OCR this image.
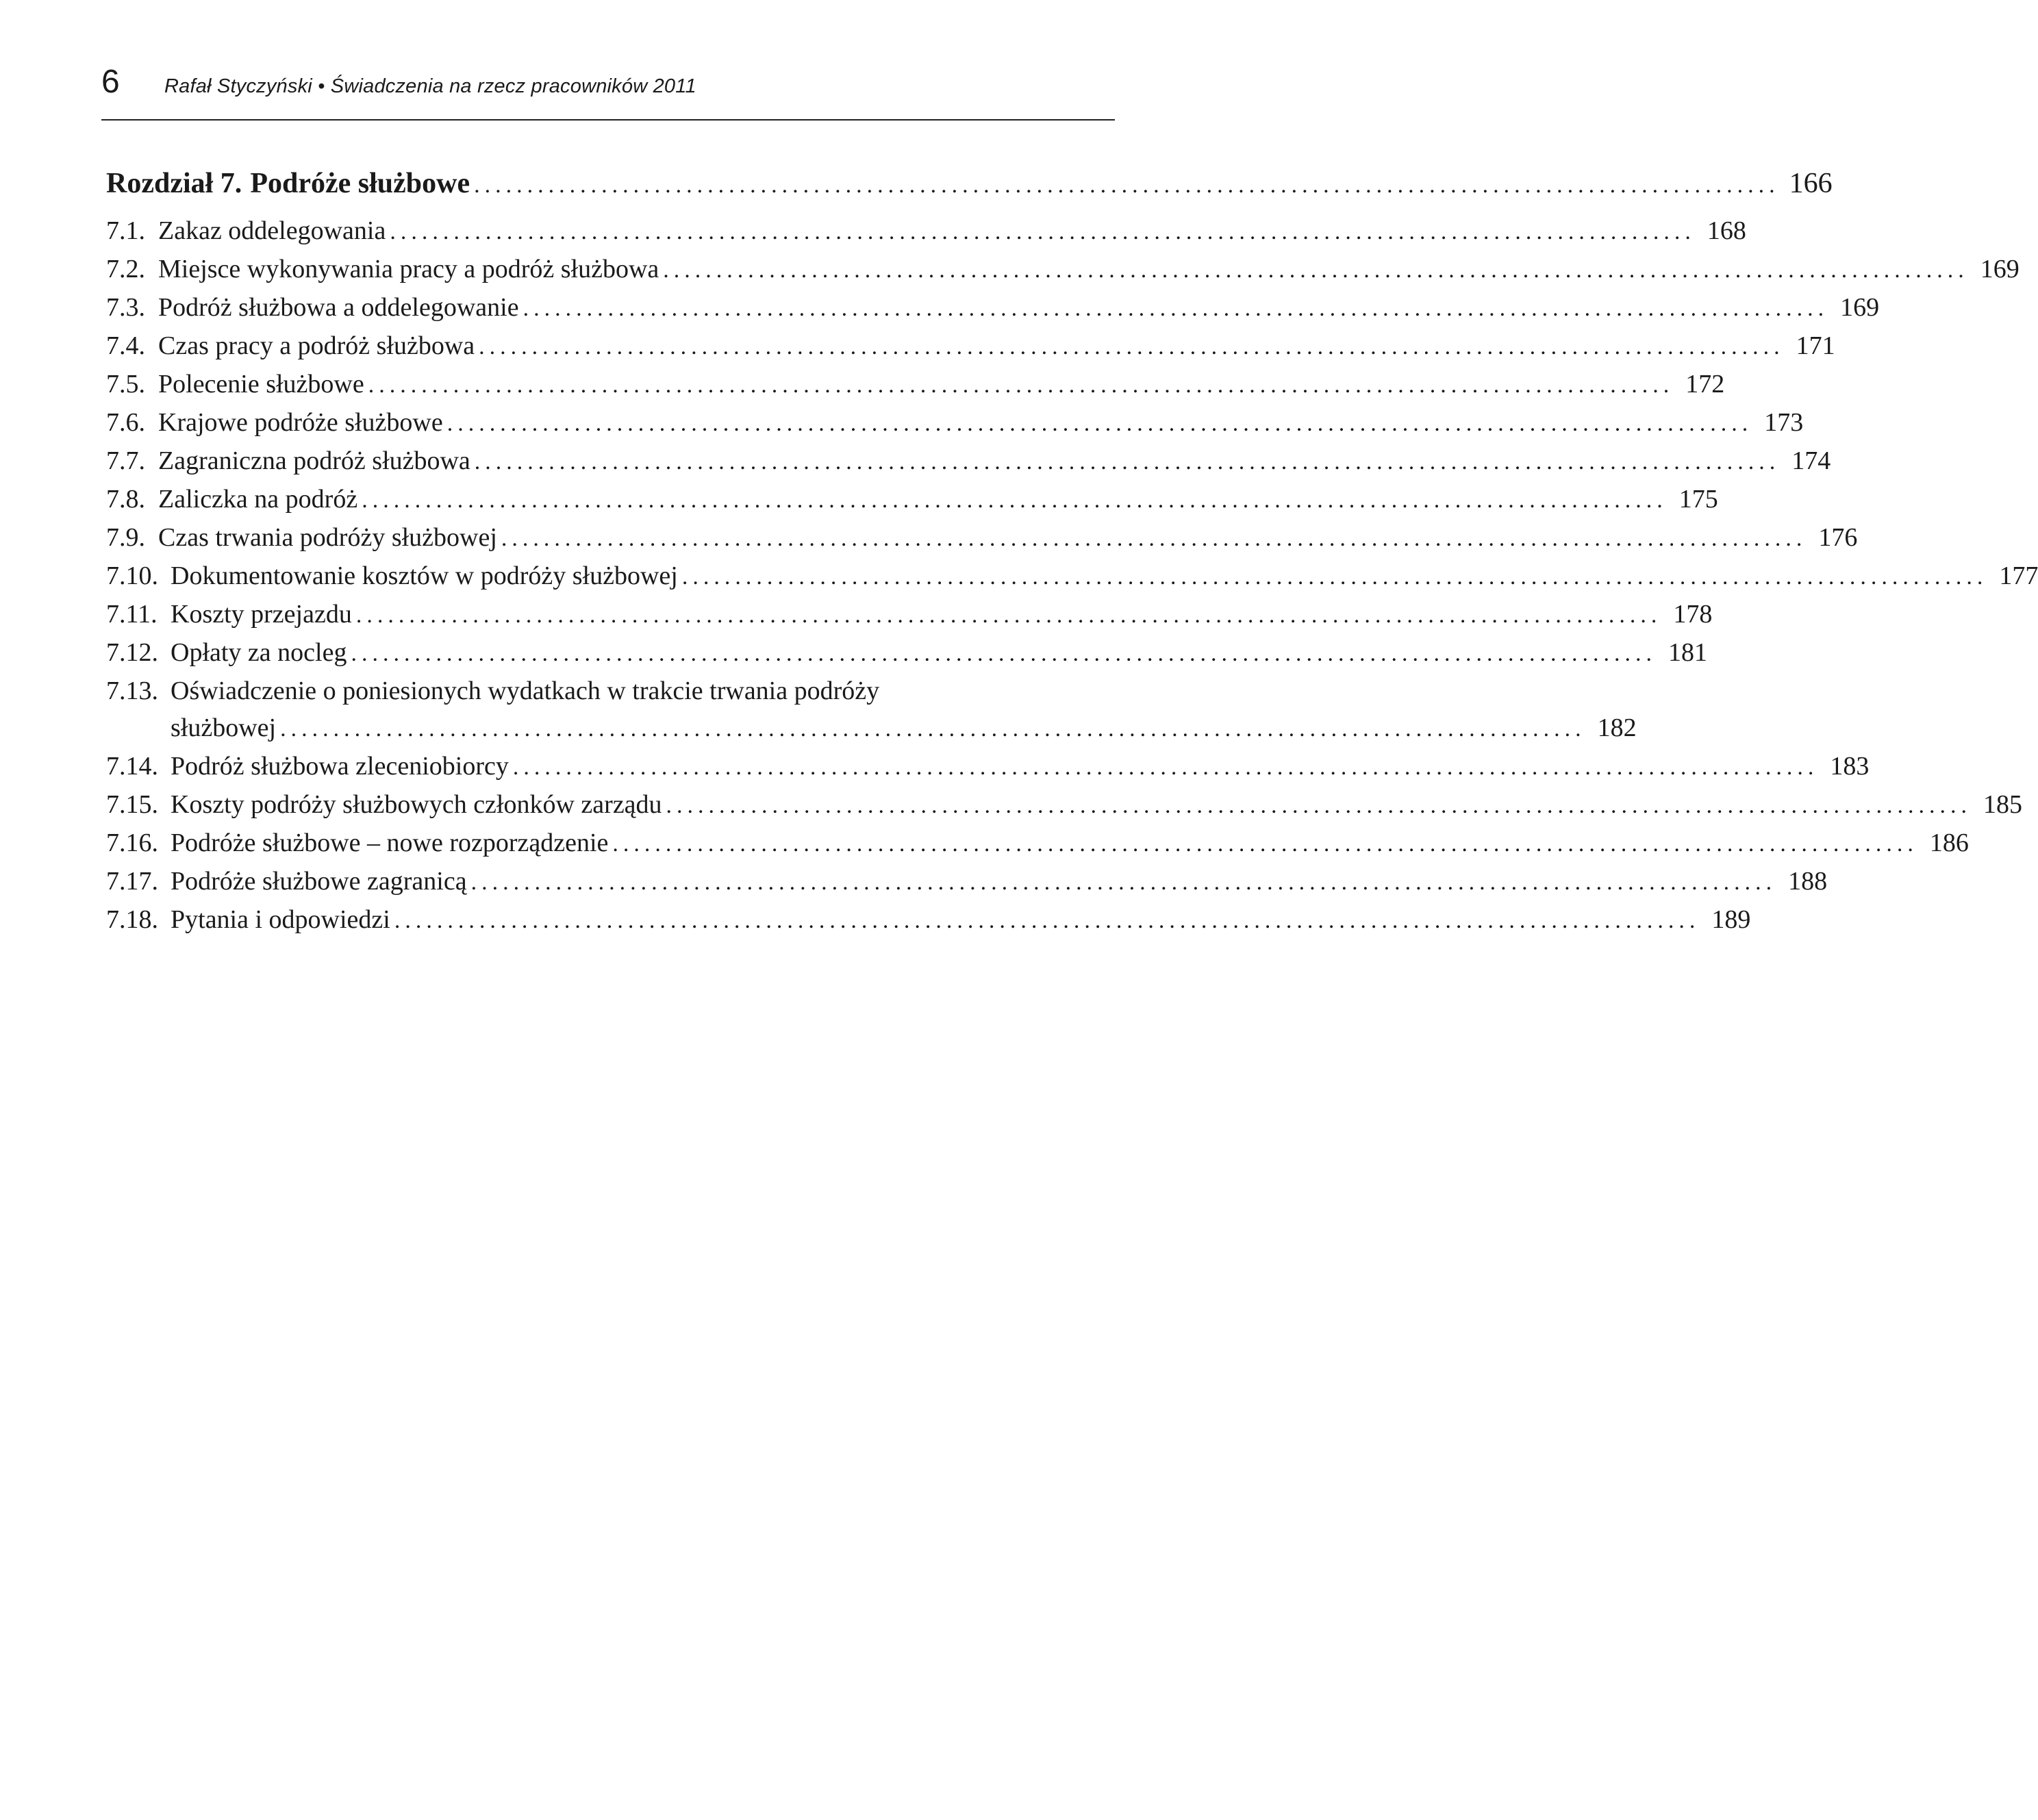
6	Rafał Styczyński • Świadczenia na rzecz pracowników 2011
Rozdział 7. Podróże służbowe ........................................................................................................................... 166
7.1. Zakaz oddelegowania ........................................................................................................................... 168
7.2. Miejsce wykonywania pracy a podróż służbowa ........................................................................................................................... 169
7.3. Podróż służbowa a oddelegowanie ........................................................................................................................... 169
7.4. Czas pracy a podróż służbowa ........................................................................................................................... 171
7.5. Polecenie służbowe ........................................................................................................................... 172
7.6. Krajowe podróże służbowe ........................................................................................................................... 173
7.7. Zagraniczna podróż służbowa ........................................................................................................................... 174
7.8. Zaliczka na podróż ........................................................................................................................... 175
7.9. Czas trwania podróży służbowej ........................................................................................................................... 176
7.10. Dokumentowanie kosztów w podróży służbowej ........................................................................................................................... 177
7.11. Koszty przejazdu ........................................................................................................................... 178
7.12. Opłaty za nocleg ........................................................................................................................... 181
7.13. Oświadczenie o poniesionych wydatkach w trakcie trwania podróży
służbowej ........................................................................................................................... 182
7.14. Podróż służbowa zleceniobiorcy ........................................................................................................................... 183
7.15. Koszty podróży służbowych członków zarządu ........................................................................................................................... 185
7.16. Podróże służbowe – nowe rozporządzenie ........................................................................................................................... 186
7.17. Podróże służbowe zagranicą ........................................................................................................................... 188
7.18. Pytania i odpowiedzi ........................................................................................................................... 189
